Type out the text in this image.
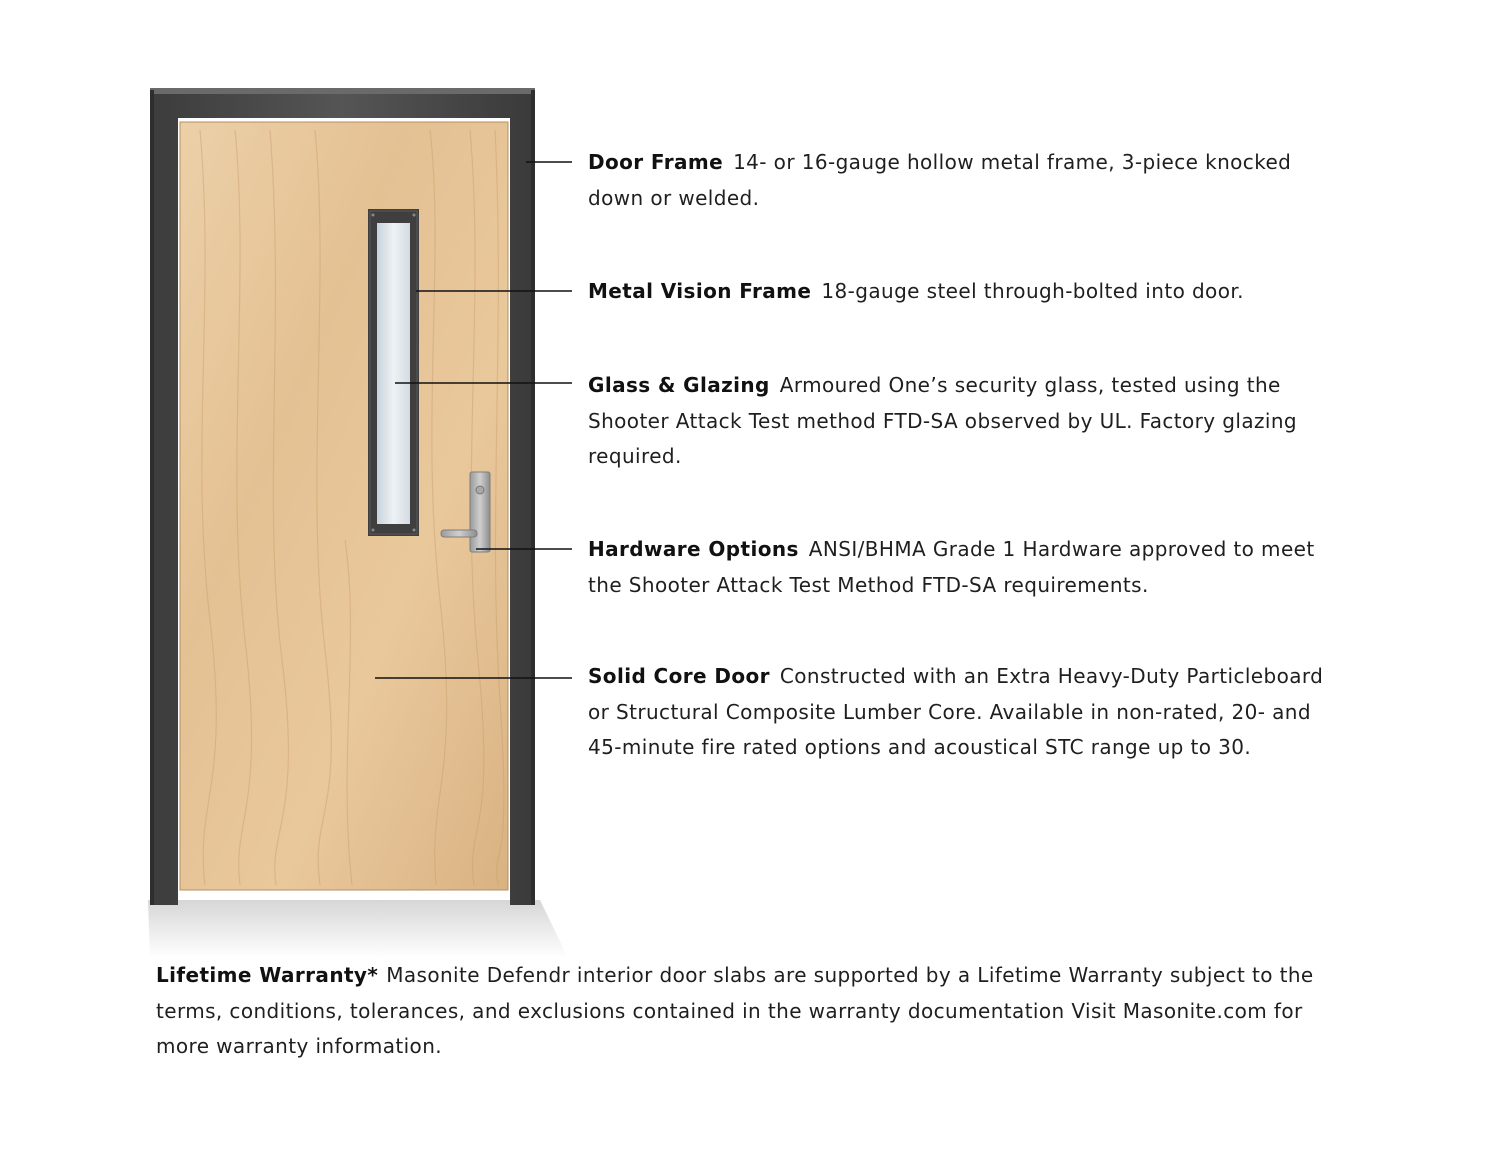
Door Frame 14- or 16-gauge hollow metal frame, 3-piece knocked down or welded.
Metal Vision Frame 18-gauge steel through-bolted into door.
Glass & Glazing Armoured One’s security glass, tested using the Shooter Attack Test method FTD-SA observed by UL. Factory glazing required.
Hardware Options ANSI/BHMA Grade 1 Hardware approved to meet the Shooter Attack Test Method FTD-SA requirements.
Solid Core Door Constructed with an Extra Heavy-Duty Particleboard or Structural Composite Lumber Core. Available in non-rated, 20- and 45-minute fire rated options and acoustical STC range up to 30.
Lifetime Warranty* Masonite Defendr interior door slabs are supported by a Lifetime Warranty subject to the terms, conditions, tolerances, and exclusions contained in the warranty documentation Visit Masonite.com for more warranty information.
